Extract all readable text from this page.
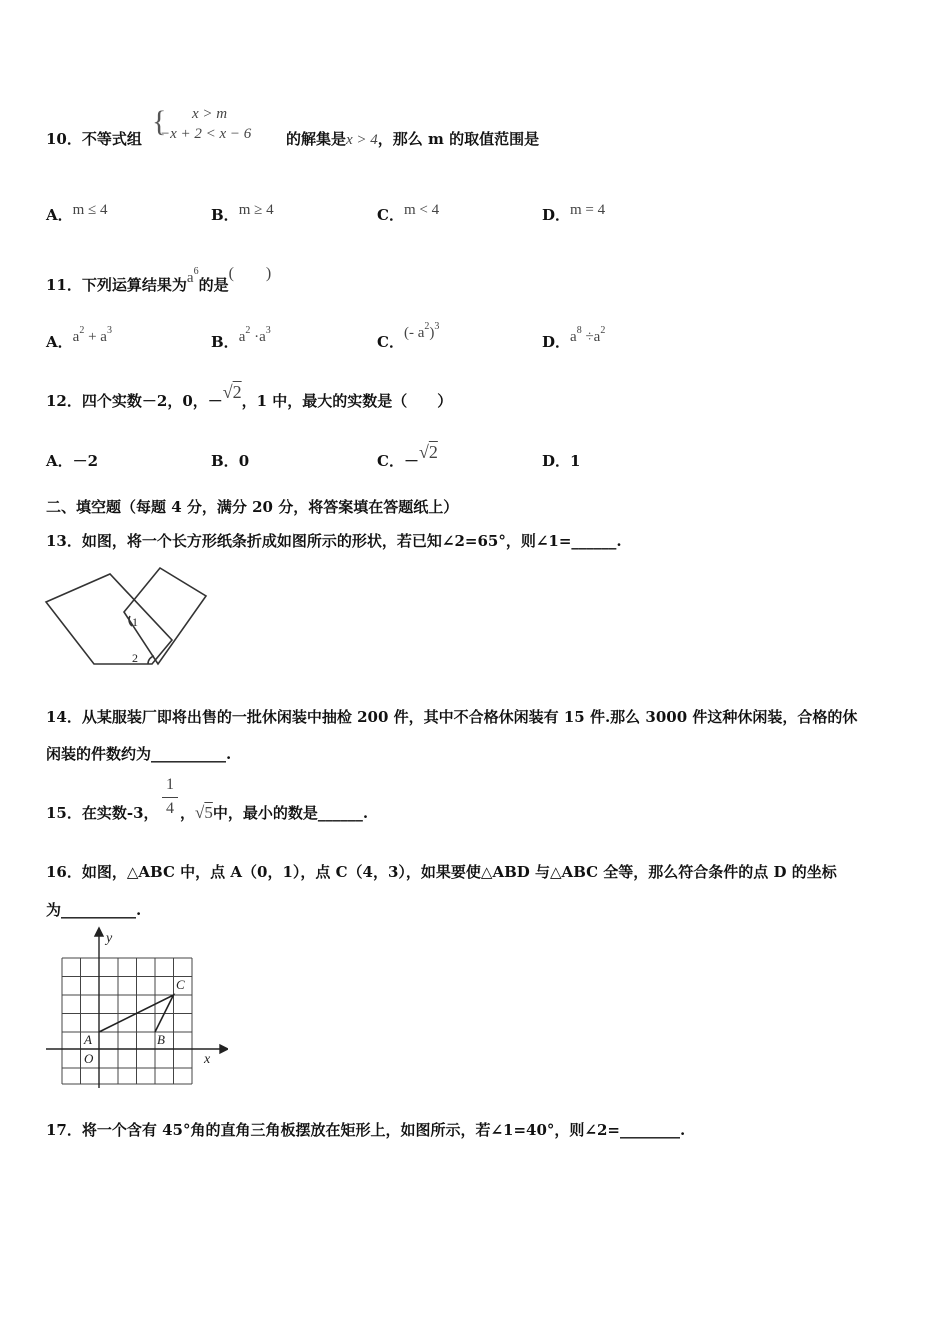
10．不等式组
{ x > m
−x + 2 < x − 6 的解集是x > 4，那么 m 的取值范围是
A．m ≤ 4	B．m ≥ 4	C．m < 4	D．m = 4
11．下列运算结果为$a^6$的是(　　)
A．$a^2 + a^3$
B．$a^2 \cdot a^3$
C．(- $a^2)^3$
D．$a^8 \div a^2$
12．四个实数－2，0，－√2，1 中，最大的实数是（　　）
A．－2	B．0	C．－√2	D．1
二、填空题（每题 4 分，满分 20 分，将答案填在答题纸上）
13．如图，将一个长方形纸条折成如图所示的形状，若已知∠2=65°，则∠1=______.
1
2
14．从某服装厂即将出售的一批休闲装中抽检 200 件，其中不合格休闲装有 15 件.那么 3000 件这种休闲装，合格的休
闲装的件数约为__________.
15．在实数-3，
1
4 ，√5中，最小的数是______.
16．如图，△ABC 中，点 A（0，1），点 C（4，3），如果要使△ABD 与△ABC 全等，那么符合条件的点 D 的坐标
为__________.
y
x
A	B
C
O
17．将一个含有 45°角的直角三角板摆放在矩形上，如图所示，若∠1=40°，则∠2=________.
